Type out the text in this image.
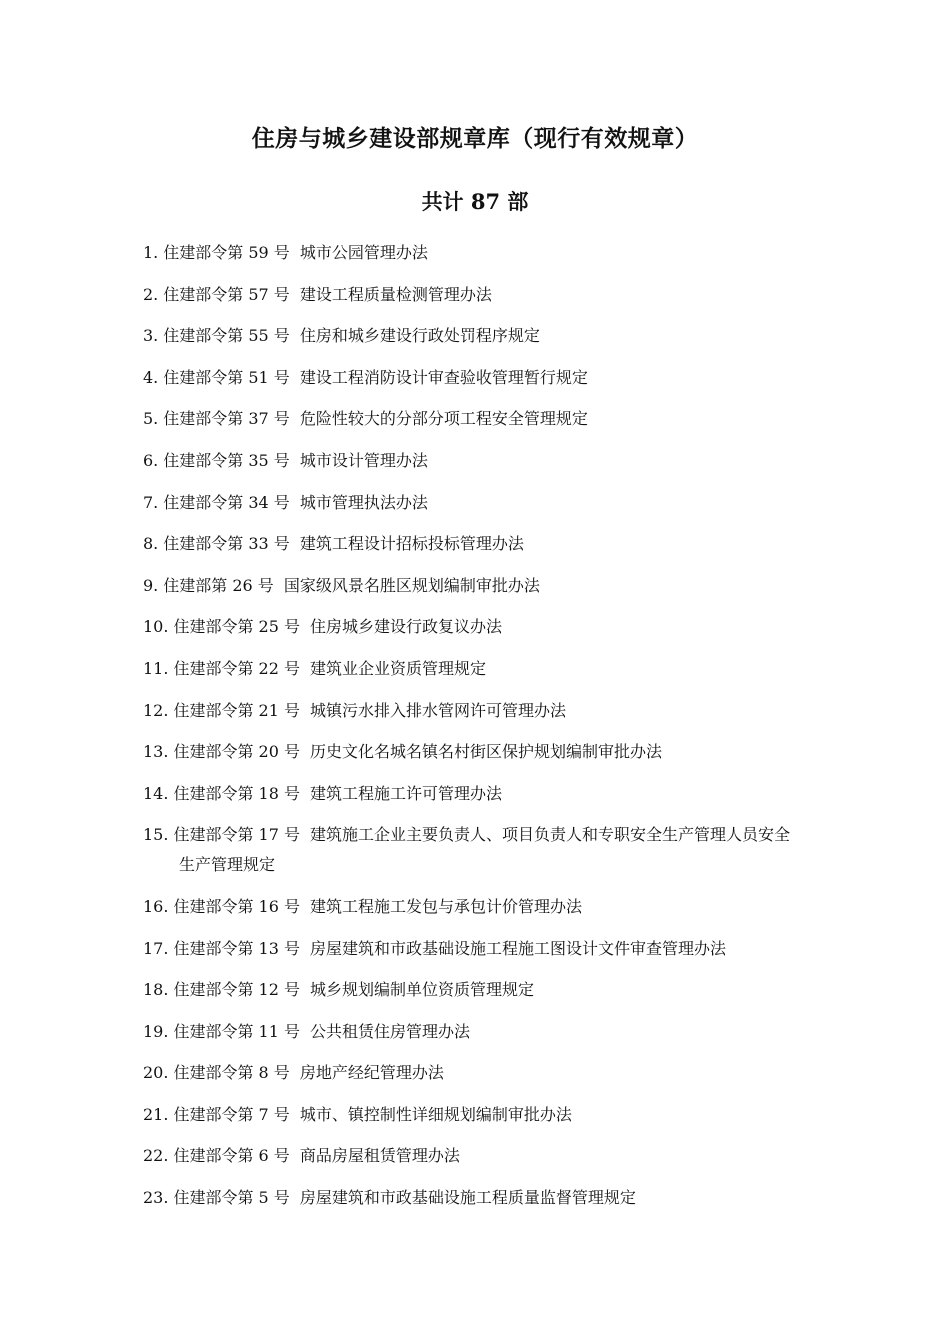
住房与城乡建设部规章库（现行有效规章）
共计 87 部
1. 住建部令第 59 号 城市公园管理办法
2. 住建部令第 57 号 建设工程质量检测管理办法
3. 住建部令第 55 号 住房和城乡建设行政处罚程序规定
4. 住建部令第 51 号 建设工程消防设计审查验收管理暂行规定
5. 住建部令第 37 号 危险性较大的分部分项工程安全管理规定
6. 住建部令第 35 号 城市设计管理办法
7. 住建部令第 34 号 城市管理执法办法
8. 住建部令第 33 号 建筑工程设计招标投标管理办法
9. 住建部第 26 号 国家级风景名胜区规划编制审批办法
10. 住建部令第 25 号 住房城乡建设行政复议办法
11. 住建部令第 22 号 建筑业企业资质管理规定
12. 住建部令第 21 号 城镇污水排入排水管网许可管理办法
13. 住建部令第 20 号 历史文化名城名镇名村街区保护规划编制审批办法
14. 住建部令第 18 号 建筑工程施工许可管理办法
15. 住建部令第 17 号 建筑施工企业主要负责人、项目负责人和专职安全生产管理人员安全生产管理规定
16. 住建部令第 16 号 建筑工程施工发包与承包计价管理办法
17. 住建部令第 13 号 房屋建筑和市政基础设施工程施工图设计文件审查管理办法
18. 住建部令第 12 号 城乡规划编制单位资质管理规定
19. 住建部令第 11 号 公共租赁住房管理办法
20. 住建部令第 8 号 房地产经纪管理办法
21. 住建部令第 7 号 城市、镇控制性详细规划编制审批办法
22. 住建部令第 6 号 商品房屋租赁管理办法
23. 住建部令第 5 号 房屋建筑和市政基础设施工程质量监督管理规定
